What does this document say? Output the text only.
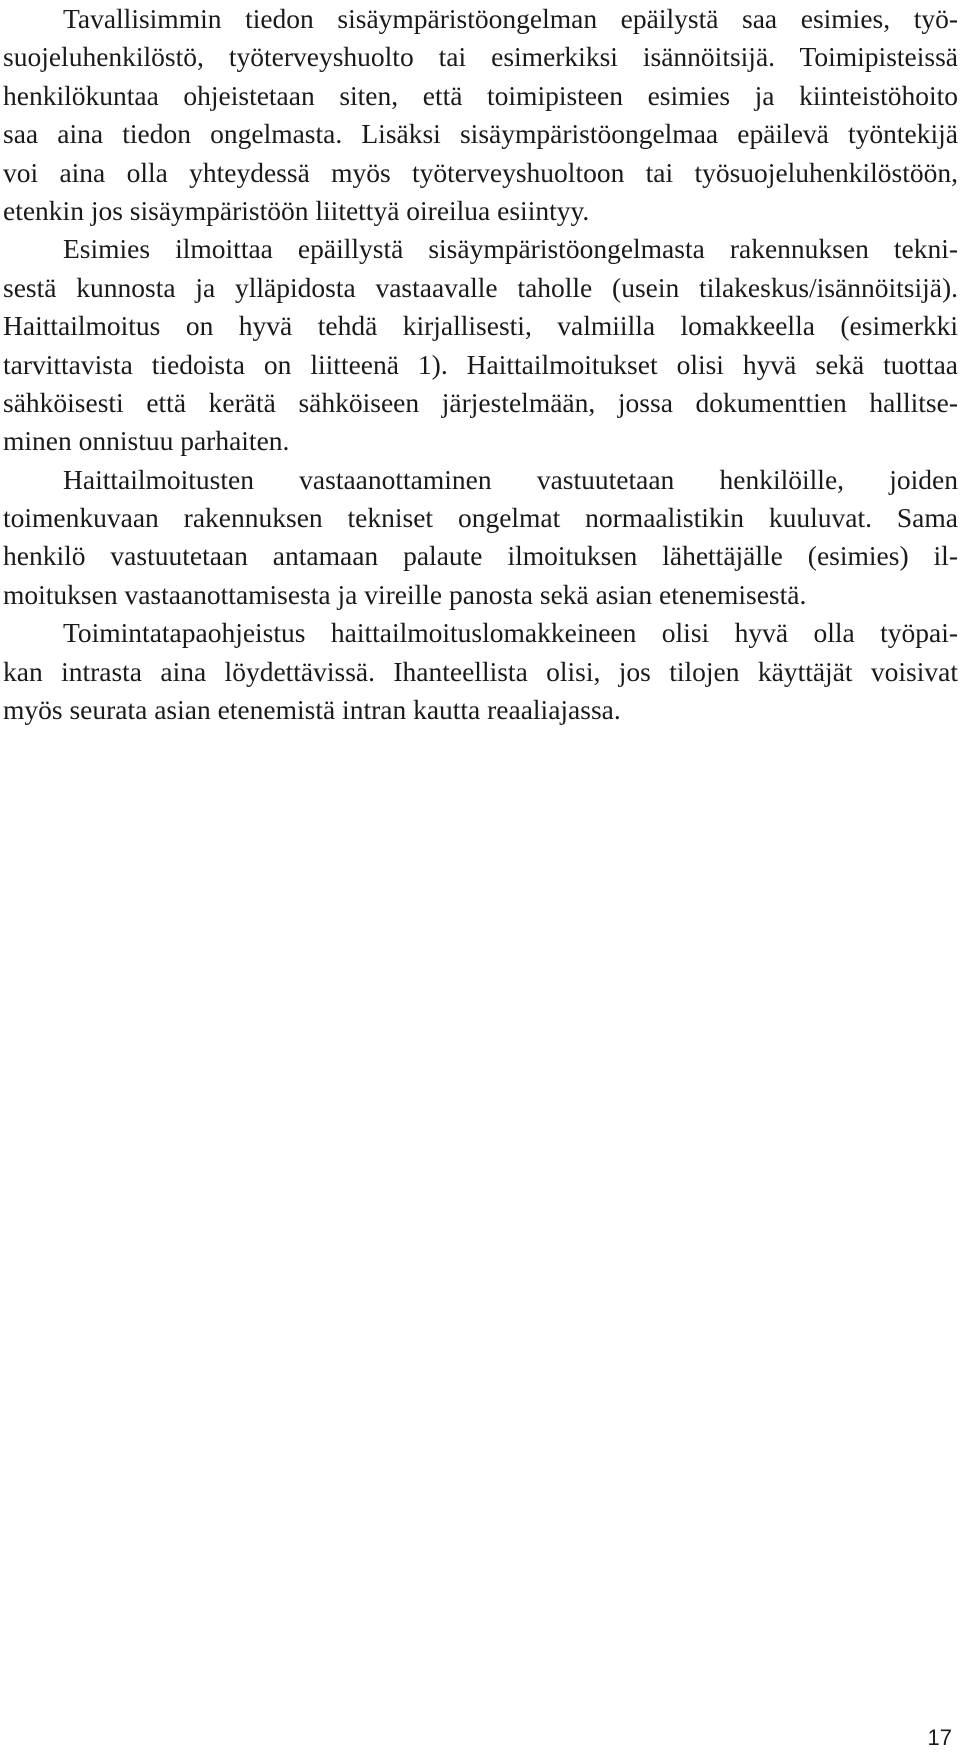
Tavallisimmin tiedon sisäympäristöongelman epäilystä saa esimies, työ-
suojeluhenkilöstö, työterveyshuolto tai esimerkiksi isännöitsijä. Toimipisteissä
henkilökuntaa ohjeistetaan siten, että toimipisteen esimies ja kiinteistöhoito
saa aina tiedon ongelmasta. Lisäksi sisäympäristöongelmaa epäilevä työntekijä
voi aina olla yhteydessä myös työterveyshuoltoon tai työsuojeluhenkilöstöön,
etenkin jos sisäympäristöön liitettyä oireilua esiintyy.
Esimies ilmoittaa epäillystä sisäympäristöongelmasta rakennuksen tekni-
sestä kunnosta ja ylläpidosta vastaavalle taholle (usein tilakeskus/isännöitsijä).
Haittailmoitus on hyvä tehdä kirjallisesti, valmiilla lomakkeella (esimerkki
tarvittavista tiedoista on liitteenä 1). Haittailmoitukset olisi hyvä sekä tuottaa
sähköisesti että kerätä sähköiseen järjestelmään, jossa dokumenttien hallitse-
minen onnistuu parhaiten.
Haittailmoitusten vastaanottaminen vastuutetaan henkilöille, joiden
toimenkuvaan rakennuksen tekniset ongelmat normaalistikin kuuluvat. Sama
henkilö vastuutetaan antamaan palaute ilmoituksen lähettäjälle (esimies) il-
moituksen vastaanottamisesta ja vireille panosta sekä asian etenemisestä.
Toimintatapaohjeistus haittailmoituslomakkeineen olisi hyvä olla työpai-
kan intrasta aina löydettävissä. Ihanteellista olisi, jos tilojen käyttäjät voisivat
myös seurata asian etenemistä intran kautta reaaliajassa.
17
